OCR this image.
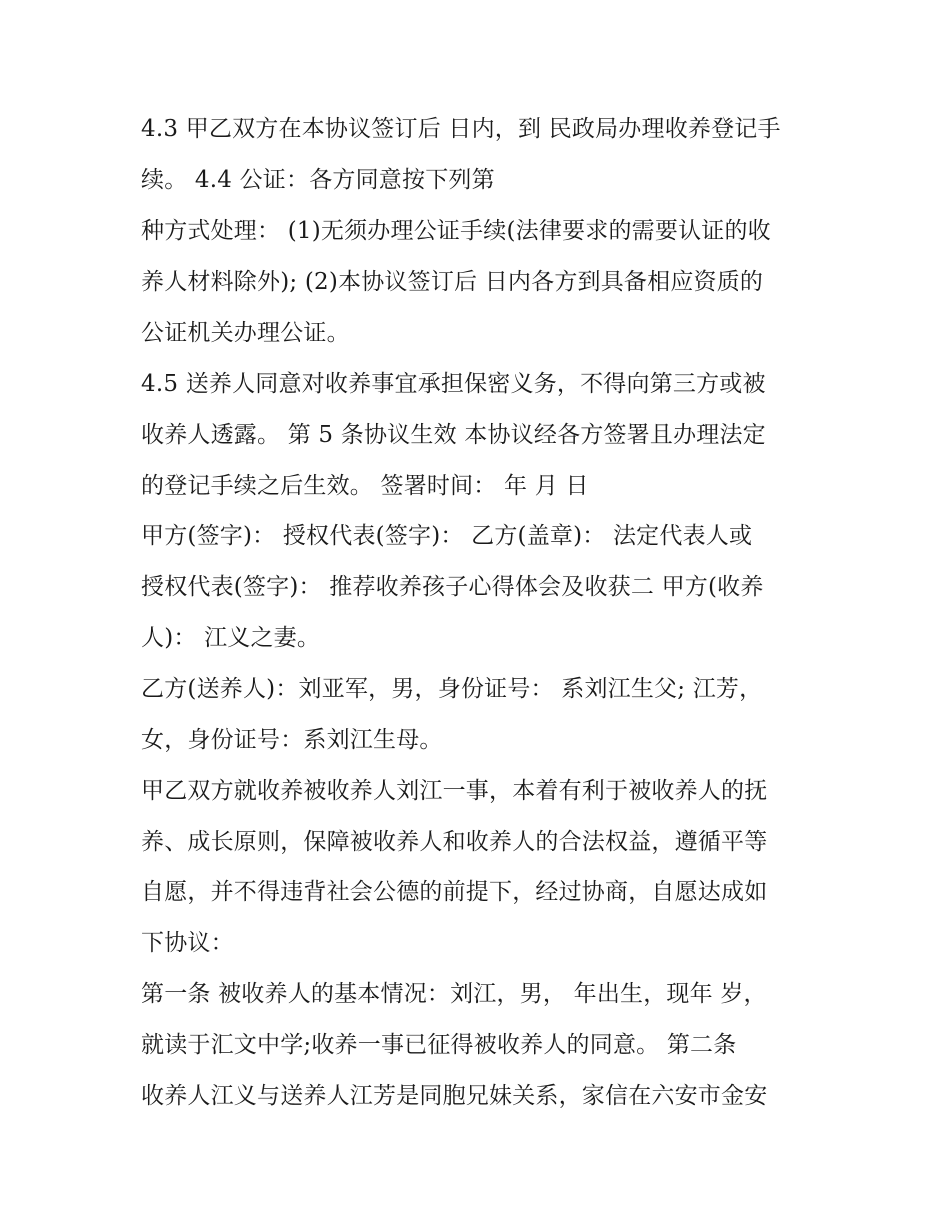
4.3 甲乙双方在本协议签订后 日内，到 民政局办理收养登记手
续。 4.4 公证：各方同意按下列第
种方式处理： (1)无须办理公证手续(法律要求的需要认证的收
养人材料除外); (2)本协议签订后 日内各方到具备相应资质的
公证机关办理公证。
4.5 送养人同意对收养事宜承担保密义务，不得向第三方或被
收养人透露。 第 5 条协议生效 本协议经各方签署且办理法定
的登记手续之后生效。 签署时间： 年 月 日
甲方(签字)： 授权代表(签字)： 乙方(盖章)： 法定代表人或
授权代表(签字)： 推荐收养孩子心得体会及收获二 甲方(收养
人)： 江义之妻。
乙方(送养人)：刘亚军，男，身份证号： 系刘江生父; 江芳，
女，身份证号：系刘江生母。
甲乙双方就收养被收养人刘江一事，本着有利于被收养人的抚
养、成长原则，保障被收养人和收养人的合法权益，遵循平等
自愿，并不得违背社会公德的前提下，经过协商，自愿达成如
下协议：
第一条 被收养人的基本情况：刘江，男， 年出生，现年 岁，
就读于汇文中学;收养一事已征得被收养人的同意。 第二条
收养人江义与送养人江芳是同胞兄妹关系，家信在六安市金安
